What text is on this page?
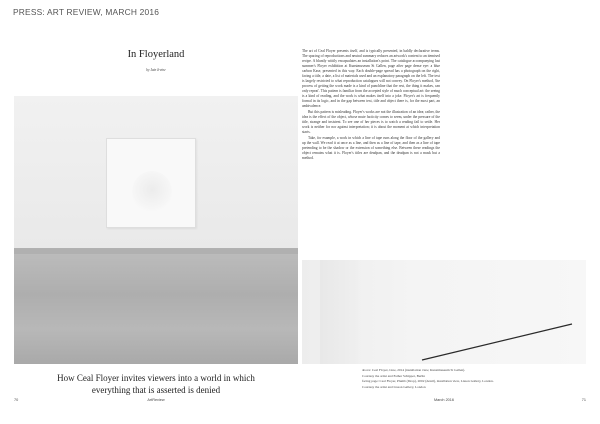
PRESS: ART REVIEW, MARCH 2016
In Floyerland
by Iain Irvine
How Ceal Floyer invites viewers into a world in which
everything that is asserted is denied
70	ArtReview

The art of Ceal Floyer presents itself, and is typically presented, in baldly declarative terms. The spacing of reproductions and neutral summary reduces an artwork's content to an itemised recipe. A bluntly wittily encapsulates an installation's point. The catalogue accompanying last summer's Floyer exhibition at Kunstmuseum St Gallen, page after page dense eye: a blue carbon Kase, presented in this way. Each double-page spread has a photograph on the right, facing a title, a date, a list of materials used and an explanatory paragraph on the left. The text is largely restricted to what reproduction catalogues will not convey. On Floyer's method, 'the process of getting the work made is a kind of punchline that the rest, the thing it makes, can only repeat'. This pattern is familiar from the accepted style of much conceptual art: the seeing is a kind of reading, and the work is what makes itself into a joke. Floyer's art is frequently formal in its logic, and in the gap between text, title and object there is, for the most part, an ambivalence.

But this pattern is misleading. Floyer's works are not the illustration of an idea; rather, the idea is the effect of the object, whose mute facticity comes to seem, under the pressure of the title, strange and insistent. To see one of her pieces is to watch a reading fail to settle. Her work is neither for nor against interpretation; it is about the moment at which interpretation starts.

Take, for example, a work in which a line of tape runs along the floor of the gallery and up the wall. We read it at once as a line, and then as a line of tape, and then as a line of tape pretending to be the shadow or the extension of something else. Between these readings the object remains what it is. Floyer's titles are deadpan, and the deadpan is not a mask but a method.

above: Ceal Floyer, Line, 2014 (installation view, Kunstmuseum St Gallen).
Courtesy the artist and Esther Schipper, Berlin
facing page: Ceal Floyer, Plumb (Drop), 2002 (detail), installation view, Lisson Gallery, London.
Courtesy the artist and Lisson Gallery, London
March 2016	71
